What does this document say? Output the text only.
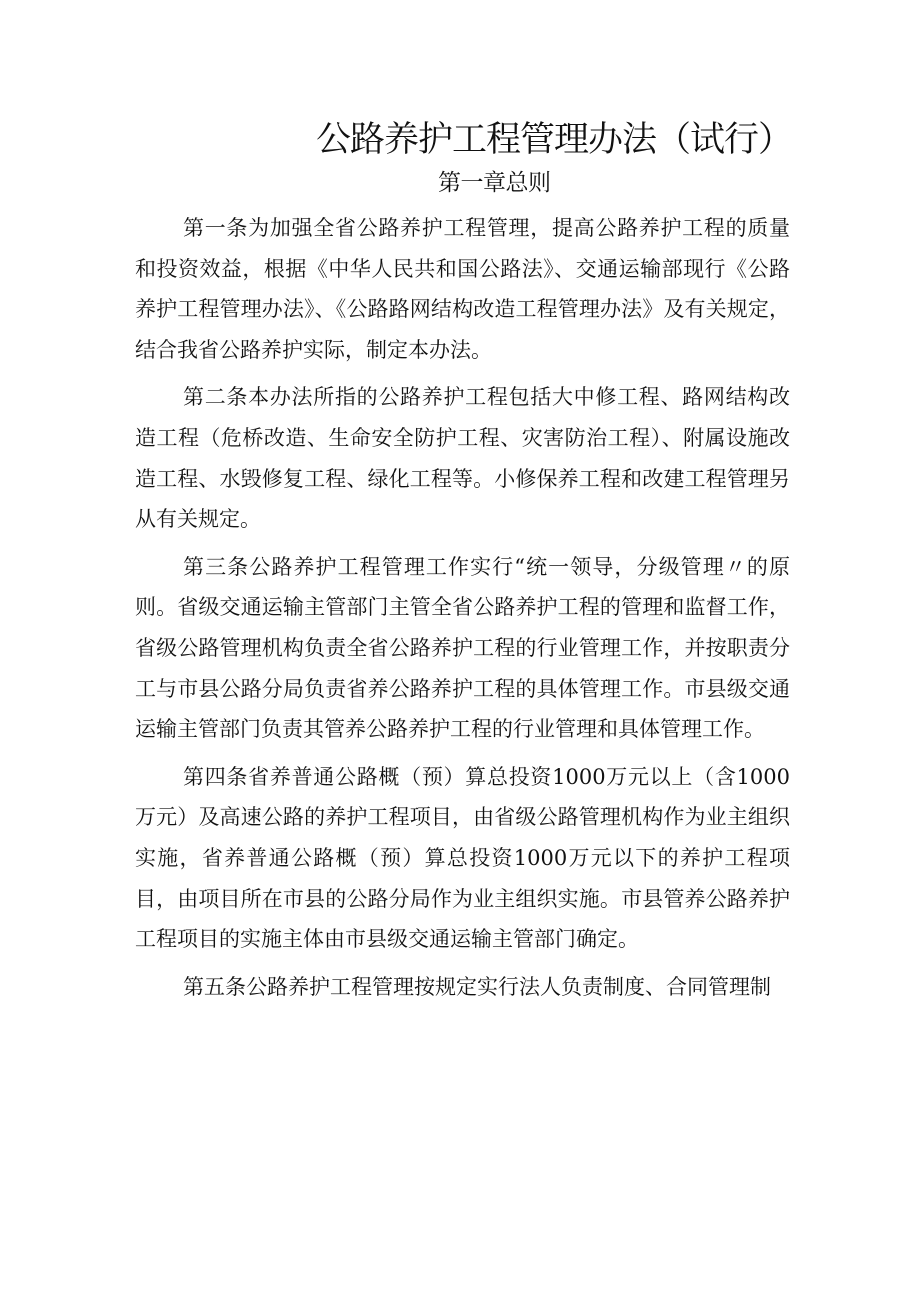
公路养护工程管理办法（试行）
第一章总则

第一条为加强全省公路养护工程管理，提高公路养护工程的质量和投资效益，根据《中华人民共和国公路法》、交通运输部现行《公路养护工程管理办法》、《公路路网结构改造工程管理办法》及有关规定，结合我省公路养护实际，制定本办法。

第二条本办法所指的公路养护工程包括大中修工程、路网结构改造工程（危桥改造、生命安全防护工程、灾害防治工程）、附属设施改造工程、水毁修复工程、绿化工程等。小修保养工程和改建工程管理另从有关规定。

第三条公路养护工程管理工作实行“统一领导，分级管理〃的原则。省级交通运输主管部门主管全省公路养护工程的管理和监督工作，省级公路管理机构负责全省公路养护工程的行业管理工作，并按职责分工与市县公路分局负责省养公路养护工程的具体管理工作。市县级交通运输主管部门负责其管养公路养护工程的行业管理和具体管理工作。

第四条省养普通公路概（预）算总投资1000万元以上（含1000万元）及高速公路的养护工程项目，由省级公路管理机构作为业主组织实施，省养普通公路概（预）算总投资1000万元以下的养护工程项目，由项目所在市县的公路分局作为业主组织实施。市县管养公路养护工程项目的实施主体由市县级交通运输主管部门确定。

第五条公路养护工程管理按规定实行法人负责制度、合同管理制
